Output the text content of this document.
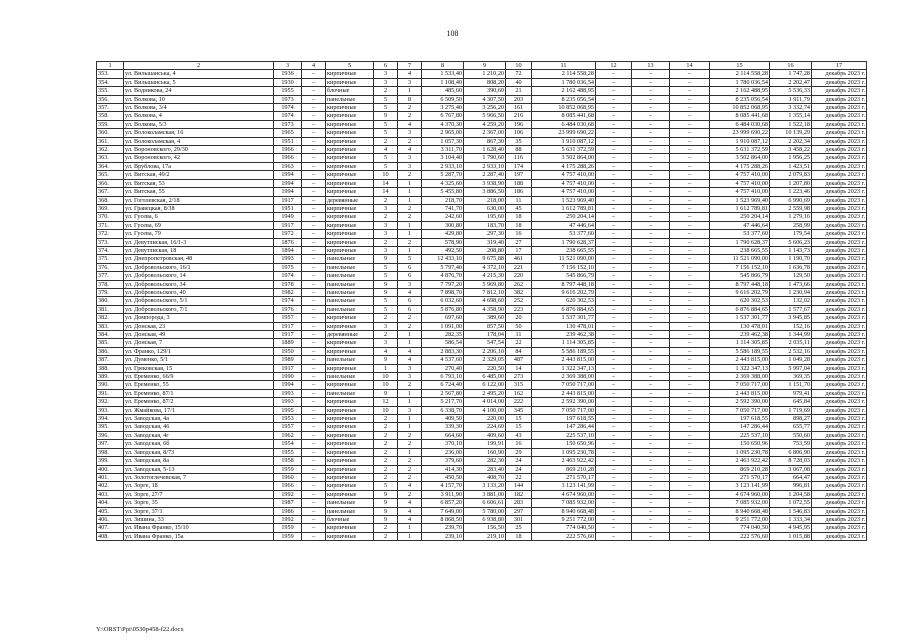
108
1	2	3	4	5	6	7	8	9	10	11	12	13	14	15	16	17
353.	ул. Вильшанська, 4	1936	–	кирпичные	3	4	1 533,40	1 210,20	72	2 114 558,28	–	–	–	2 114 558,28	1 747,28	декабрь 2023 г.
354.	ул. Вильшанська, 5	1930	–	кирпичные	3	3	1 108,40	808,20	40	1 780 036,54	–	–	–	1 780 036,54	2 202,47	декабрь 2023 г.
355.	ул. Водникова, 24	1955	–	блочные	2	1	485,60	390,60	21	2 162 488,95	–	–	–	2 162 488,95	5 536,33	декабрь 2023 г.
356.	ул. Волкова, 10	1973	–	панельные	5	8	6 509,50	4 307,50	203	8 235 056,54	–	–	–	8 235 056,54	1 911,79	декабрь 2023 г.
357.	ул. Волкова, 3/4	1974	–	кирпичные	5	2	3 275,40	3 256,20	161	10 852 068,95	–	–	–	10 852 068,95	3 332,74	декабрь 2023 г.
358.	ул. Волкова, 4	1974	–	кирпичные	9	2	6 767,80	5 966,50	216	8 085 441,68	–	–	–	8 085 441,68	1 355,14	декабрь 2023 г.
359.	ул. Волкова, 5/3	1973	–	кирпичные	5	4	4 370,30	4 259,20	196	6 484 030,68	–	–	–	6 484 030,68	1 522,18	декабрь 2023 г.
360.	ул. Волоколамская, 16	1965	–	кирпичные	5	3	2 965,00	2 367,00	106	23 999 690,22	–	–	–	23 999 690,22	10 139,29	декабрь 2023 г.
361.	ул. Волоколамская, 4	1951	–	кирпичные	2	2	1 057,30	867,30	35	1 910 087,12	–	–	–	1 910 087,12	2 202,34	декабрь 2023 г.
362.	ул. Вороновского, 29/30	1966	–	кирпичные	4	4	3 311,70	1 628,40	88	5 631 372,59	–	–	–	5 631 372,59	3 458,22	декабрь 2023 г.
363.	ул. Вороновского, 42	1966	–	кирпичные	5	3	3 104,40	1 790,60	116	3 502 864,00	–	–	–	3 502 864,00	1 956,25	декабрь 2023 г.
364.	ул. Врублова, 17а	1963	–	кирпичные	5	3	2 933,10	2 933,10	174	4 175 288,26	–	–	–	4 175 288,26	1 423,51	декабрь 2023 г.
365.	ул. Витская, 49/2	1994	–	кирпичные	10	2	5 287,70	2 287,40	197	4 757 410,00	–	–	–	4 757 410,00	2 079,83	декабрь 2023 г.
366.	ул. Витская, 53	1994	–	кирпичные	14	1	4 325,60	3 938,90	188	4 757 410,00	–	–	–	4 757 410,00	1 207,80	декабрь 2023 г.
367.	ул. Витская, 55	1994	–	кирпичные	14	1	5 455,80	3 886,50	186	4 757 410,00	–	–	–	4 757 410,00	1 223,46	декабрь 2023 г.
368.	ул. Гоголевская, 2/18	1917	–	деревянные	2	1	218,70	218,00	11	1 523 969,40	–	–	–	1 523 969,40	6 990,69	декабрь 2023 г.
369.	ул. Гравецкая, 8/38	1951	–	кирпичные	3	2	741,70	630,00	45	1 612 789,81	–	–	–	1 612 789,81	2 559,98	декабрь 2023 г.
370.	ул. Гусева, 6	1949	–	кирпичные	2	2	242,60	195,60	18	250 204,14	–	–	–	250 204,14	1 279,16	декабрь 2023 г.
371.	ул. Гусева, 69	1917	–	кирпичные	3	1	300,80	183,70	18	47 446,64	–	–	–	47 446,64	258,99	декабрь 2023 г.
372.	ул. Гусева, 79	1972	–	кирпичные	3	1	429,80	297,30	16	53 377,60	–	–	–	53 377,60	179,54	декабрь 2023 г.
373.	ул. Девутлиская, 16/1-3	1876	–	кирпичные	2	2	578,90	319,40	27	1 790 628,37	–	–	–	1 790 628,37	5 606,23	декабрь 2023 г.
374.	ул. Девутлиская, 18	1894	–	кирпичные	3	1	492,50	208,80	17	238 665,55	–	–	–	238 665,55	1 143,73	декабрь 2023 г.
375.	ул. Днепропетровская, 48	1993	–	панельные	9	5	12 433,10	9 675,88	461	11 521 090,00	–	–	–	11 521 090,00	1 190,70	декабрь 2023 г.
376.	ул. Добровольского, 16/1	1975	–	панельные	5	6	5 797,40	4 372,10	221	7 156 152,10	–	–	–	7 156 152,10	1 636,78	декабрь 2023 г.
377.	ул. Добровольского, 14	1974	–	панельные	5	6	4 876,70	4 215,30	220	545 866,79	–	–	–	545 866,79	129,50	декабрь 2023 г.
378.	ул. Добровольского, 34	1978	–	панельные	9	3	7 797,20	5 969,80	262	8 797 448,18	–	–	–	8 797 448,18	1 473,66	декабрь 2023 г.
379.	ул. Добровольского, 40	1982	–	панельные	9	4	7 898,70	7 812,10	382	9 616 202,79	–	–	–	9 616 202,79	1 230,94	декабрь 2023 г.
380.	ул. Добровольского, 5/1	1974	–	панельные	5	6	6 032,60	4 698,60	252	620 302,53	–	–	–	620 302,53	132,02	декабрь 2023 г.
381.	ул. Добровольского, 7/1	1976	–	панельные	5	6	5 876,80	4 358,90	223	6 876 884,65	–	–	–	6 876 884,65	1 577,67	декабрь 2023 г.
382.	ул. Домпорода, 3	1957	–	кирпичные	2	2	697,60	389,60	20	1 537 301,77	–	–	–	1 537 301,77	3 945,85	декабрь 2023 г.
383.	ул. Донская, 23	1917	–	кирпичные	3	2	1 091,00	857,50	50	130 478,01	–	–	–	130 478,01	152,16	декабрь 2023 г.
384.	ул. Донская, 49	1917	–	деревянные	2	1	282,35	178,04	11	239 462,38	–	–	–	239 462,38	1 344,99	декабрь 2023 г.
385.	ул. Донская, 7	1889	–	кирпичные	3	1	586,54	547,54	22	1 114 305,85	–	–	–	1 114 305,85	2 035,11	декабрь 2023 г.
386.	ул. Франко, 129/1	1950	–	кирпичные	4	4	2 883,30	2 206,10	84	5 586 189,55	–	–	–	5 586 189,55	2 532,16	декабрь 2023 г.
387.	ул. Думенко, 5/1	1989	–	панельные	9	4	4 537,60	2 329,05	487	2 443 815,00	–	–	–	2 443 815,00	1 049,28	декабрь 2023 г.
388.	ул. Грековская, 15	1917	–	кирпичные	1	3	270,40	220,50	14	1 322 347,13	–	–	–	1 322 347,13	5 997,04	декабрь 2023 г.
389.	ул. Еременко, 66/9	1990	–	панельные	10	3	6 793,10	6 485,00	273	2 369 388,00	–	–	–	2 369 388,00	369,35	декабрь 2023 г.
390.	ул. Еременко, 55	1994	–	кирпичные	10	2	6 724,40	6 122,00	315	7 050 717,00	–	–	–	7 050 717,00	1 151,70	декабрь 2023 г.
391.	ул. Еременко, 87/1	1993	–	панельные	9	1	2 567,80	2 495,20	162	2 443 815,00	–	–	–	2 443 815,00	979,41	декабрь 2023 г.
392.	ул. Еременко, 87/2	1993	–	кирпичные	12	1	5 217,70	4 014,00	222	2 592 390,00	–	–	–	2 592 390,00	645,84	декабрь 2023 г.
393.	ул. Жмайкова, 17/1	1995	–	кирпичные	10	3	6 338,70	4 100,00	345	7 050 717,00	–	–	–	7 050 717,00	1 719,69	декабрь 2023 г.
394.	ул. Заводская, 4а	1953	–	кирпичные	2	1	409,50	220,00	15	197 618,55	–	–	–	197 618,55	898,27	декабрь 2023 г.
395.	ул. Заводская, 46	1957	–	кирпичные	2	1	339,30	224,60	15	147 286,44	–	–	–	147 286,44	655,77	декабрь 2023 г.
396.	ул. Заводская, 4г	1962	–	кирпичные	2	2	664,60	409,60	43	225 537,10	–	–	–	225 537,10	550,60	декабрь 2023 г.
397.	ул. Заводская, 6б	1954	–	кирпичные	2	2	370,10	199,91	16	150 650,96	–	–	–	150 650,96	753,59	декабрь 2023 г.
398.	ул. Заводская, 8/73	1955	–	кирпичные	2	1	236,00	160,90	29	1 095 230,78	–	–	–	1 095 230,78	6 806,90	декабрь 2023 г.
399.	ул. Заводская, 8а	1958	–	кирпичные	2	2	379,60	282,30	24	2 463 922,42	–	–	–	2 463 922,42	8 728,03	декабрь 2023 г.
400.	ул. Заводская, 5-13	1959	–	кирпичные	2	2	414,30	283,40	24	869 210,28	–	–	–	869 210,28	3 067,08	декабрь 2023 г.
401.	ул. Золотоглечевская, 7	1960	–	кирпичные	2	2	450,50	408,70	22	271 570,17	–	–	–	271 570,17	664,47	декабрь 2023 г.
402.	ул. Зорге, 18	1966	–	кирпичные	5	4	4 157,70	3 133,20	144	3 123 141,99	–	–	–	3 123 141,99	996,81	декабрь 2023 г.
403.	ул. Зорге, 27/7	1992	–	кирпичные	9	2	3 911,90	3 881,00	182	4 674 960,00	–	–	–	4 674 960,00	1 204,58	декабрь 2023 г.
404.	ул. Зорге, 35	1987	–	панельные	9	4	6 857,20	6 606,61	283	7 085 932,00	–	–	–	7 085 932,00	1 072,55	декабрь 2023 г.
405.	ул. Зорге, 37/1	1986	–	панельные	9	4	7 649,00	5 780,00	297	8 940 668,48	–	–	–	8 940 668,48	1 546,83	декабрь 2023 г.
406.	ул. Зишина, 33	1992	–	блочные	9	4	8 868,50	6 938,80	301	9 251 772,00	–	–	–	9 251 772,00	1 333,34	декабрь 2023 г.
407.	ул. Ивана Франко, 15/10	1959	–	кирпичные	2	1	239,70	156,50	25	774 040,50	–	–	–	774 040,50	4 945,95	декабрь 2023 г.
408.	ул. Ивана Франко, 15а	1959	–	кирпичные	2	1	239,10	219,10	18	222 576,60	–	–	–	222 576,60	1 015,88	декабрь 2023 г.
Y:\ORST\Ppi\0530p458-f22.docx
